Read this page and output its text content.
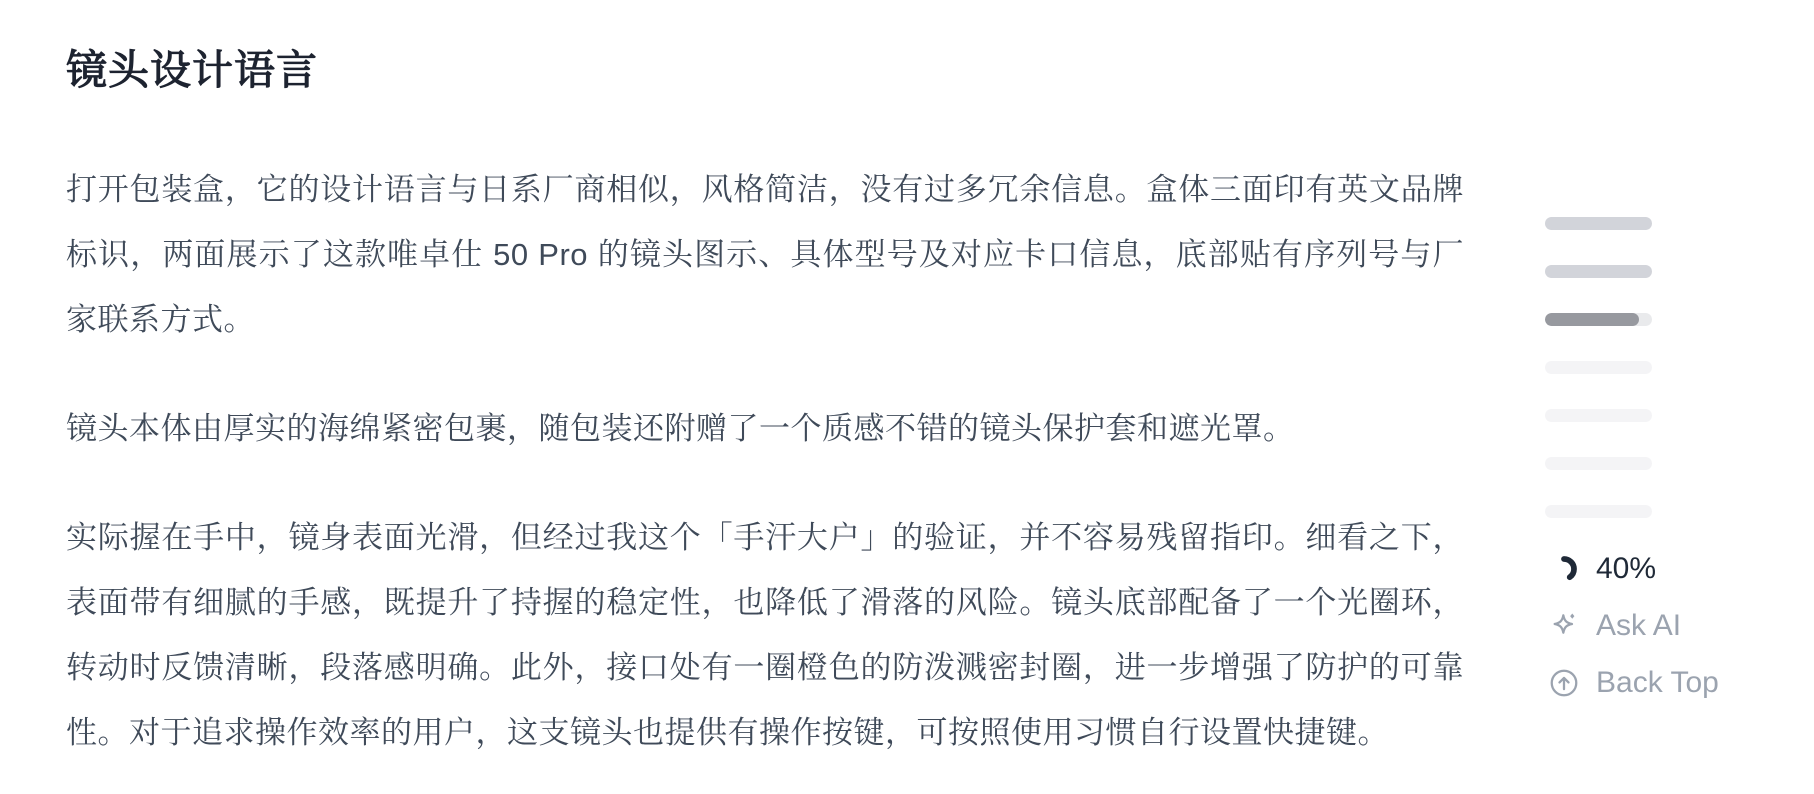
镜头设计语言

打开包装盒，它的设计语言与日系厂商相似，风格简洁，没有过多冗余信息。盒体三面印有英文品牌标识，两面展示了这款唯卓仕 50 Pro 的镜头图示、具体型号及对应卡口信息，底部贴有序列号与厂家联系方式。

镜头本体由厚实的海绵紧密包裹，随包装还附赠了一个质感不错的镜头保护套和遮光罩。

实际握在手中，镜身表面光滑，但经过我这个「手汗大户」的验证，并不容易残留指印。细看之下，表面带有细腻的手感，既提升了持握的稳定性，也降低了滑落的风险。镜头底部配备了一个光圈环，转动时反馈清晰，段落感明确。此外，接口处有一圈橙色的防泼溅密封圈，进一步增强了防护的可靠性。对于追求操作效率的用户，这支镜头也提供有操作按键，可按照使用习惯自行设置快捷键。

40%
Ask AI
Back Top
